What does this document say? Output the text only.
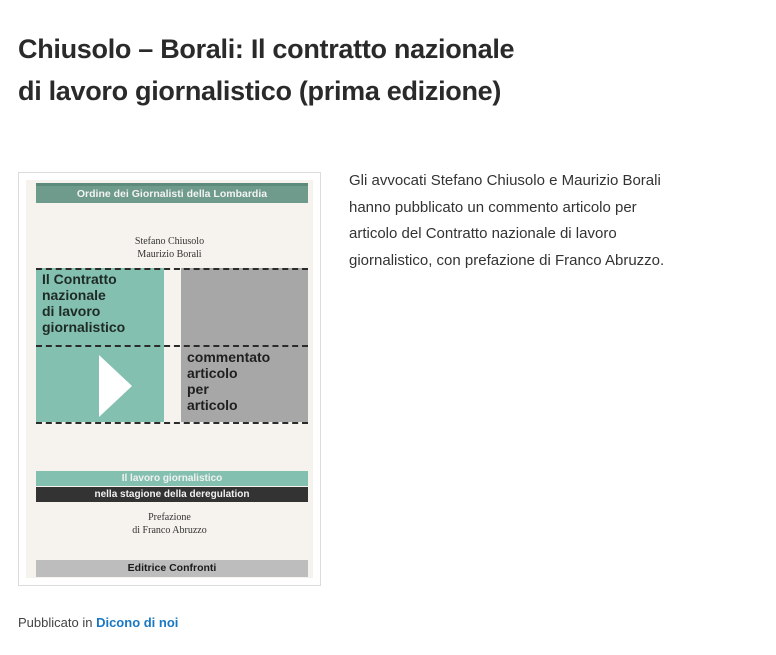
Chiusolo – Borali: Il contratto nazionale
di lavoro giornalistico (prima edizione)
Ordine dei Giornalisti della Lombardia
Stefano Chiusolo
Maurizio Borali
Il Contratto
nazionale
di lavoro
giornalistico
commentato
articolo
per
articolo
Il lavoro giornalistico
nella stagione della deregulation
Prefazione
di Franco Abruzzo
Editrice Confronti

Gli avvocati Stefano Chiusolo e Maurizio Borali hanno pubblicato un commento articolo per articolo del Contratto nazionale di lavoro giornalistico, con prefazione di Franco Abruzzo.

Pubblicato in Dicono di noi
